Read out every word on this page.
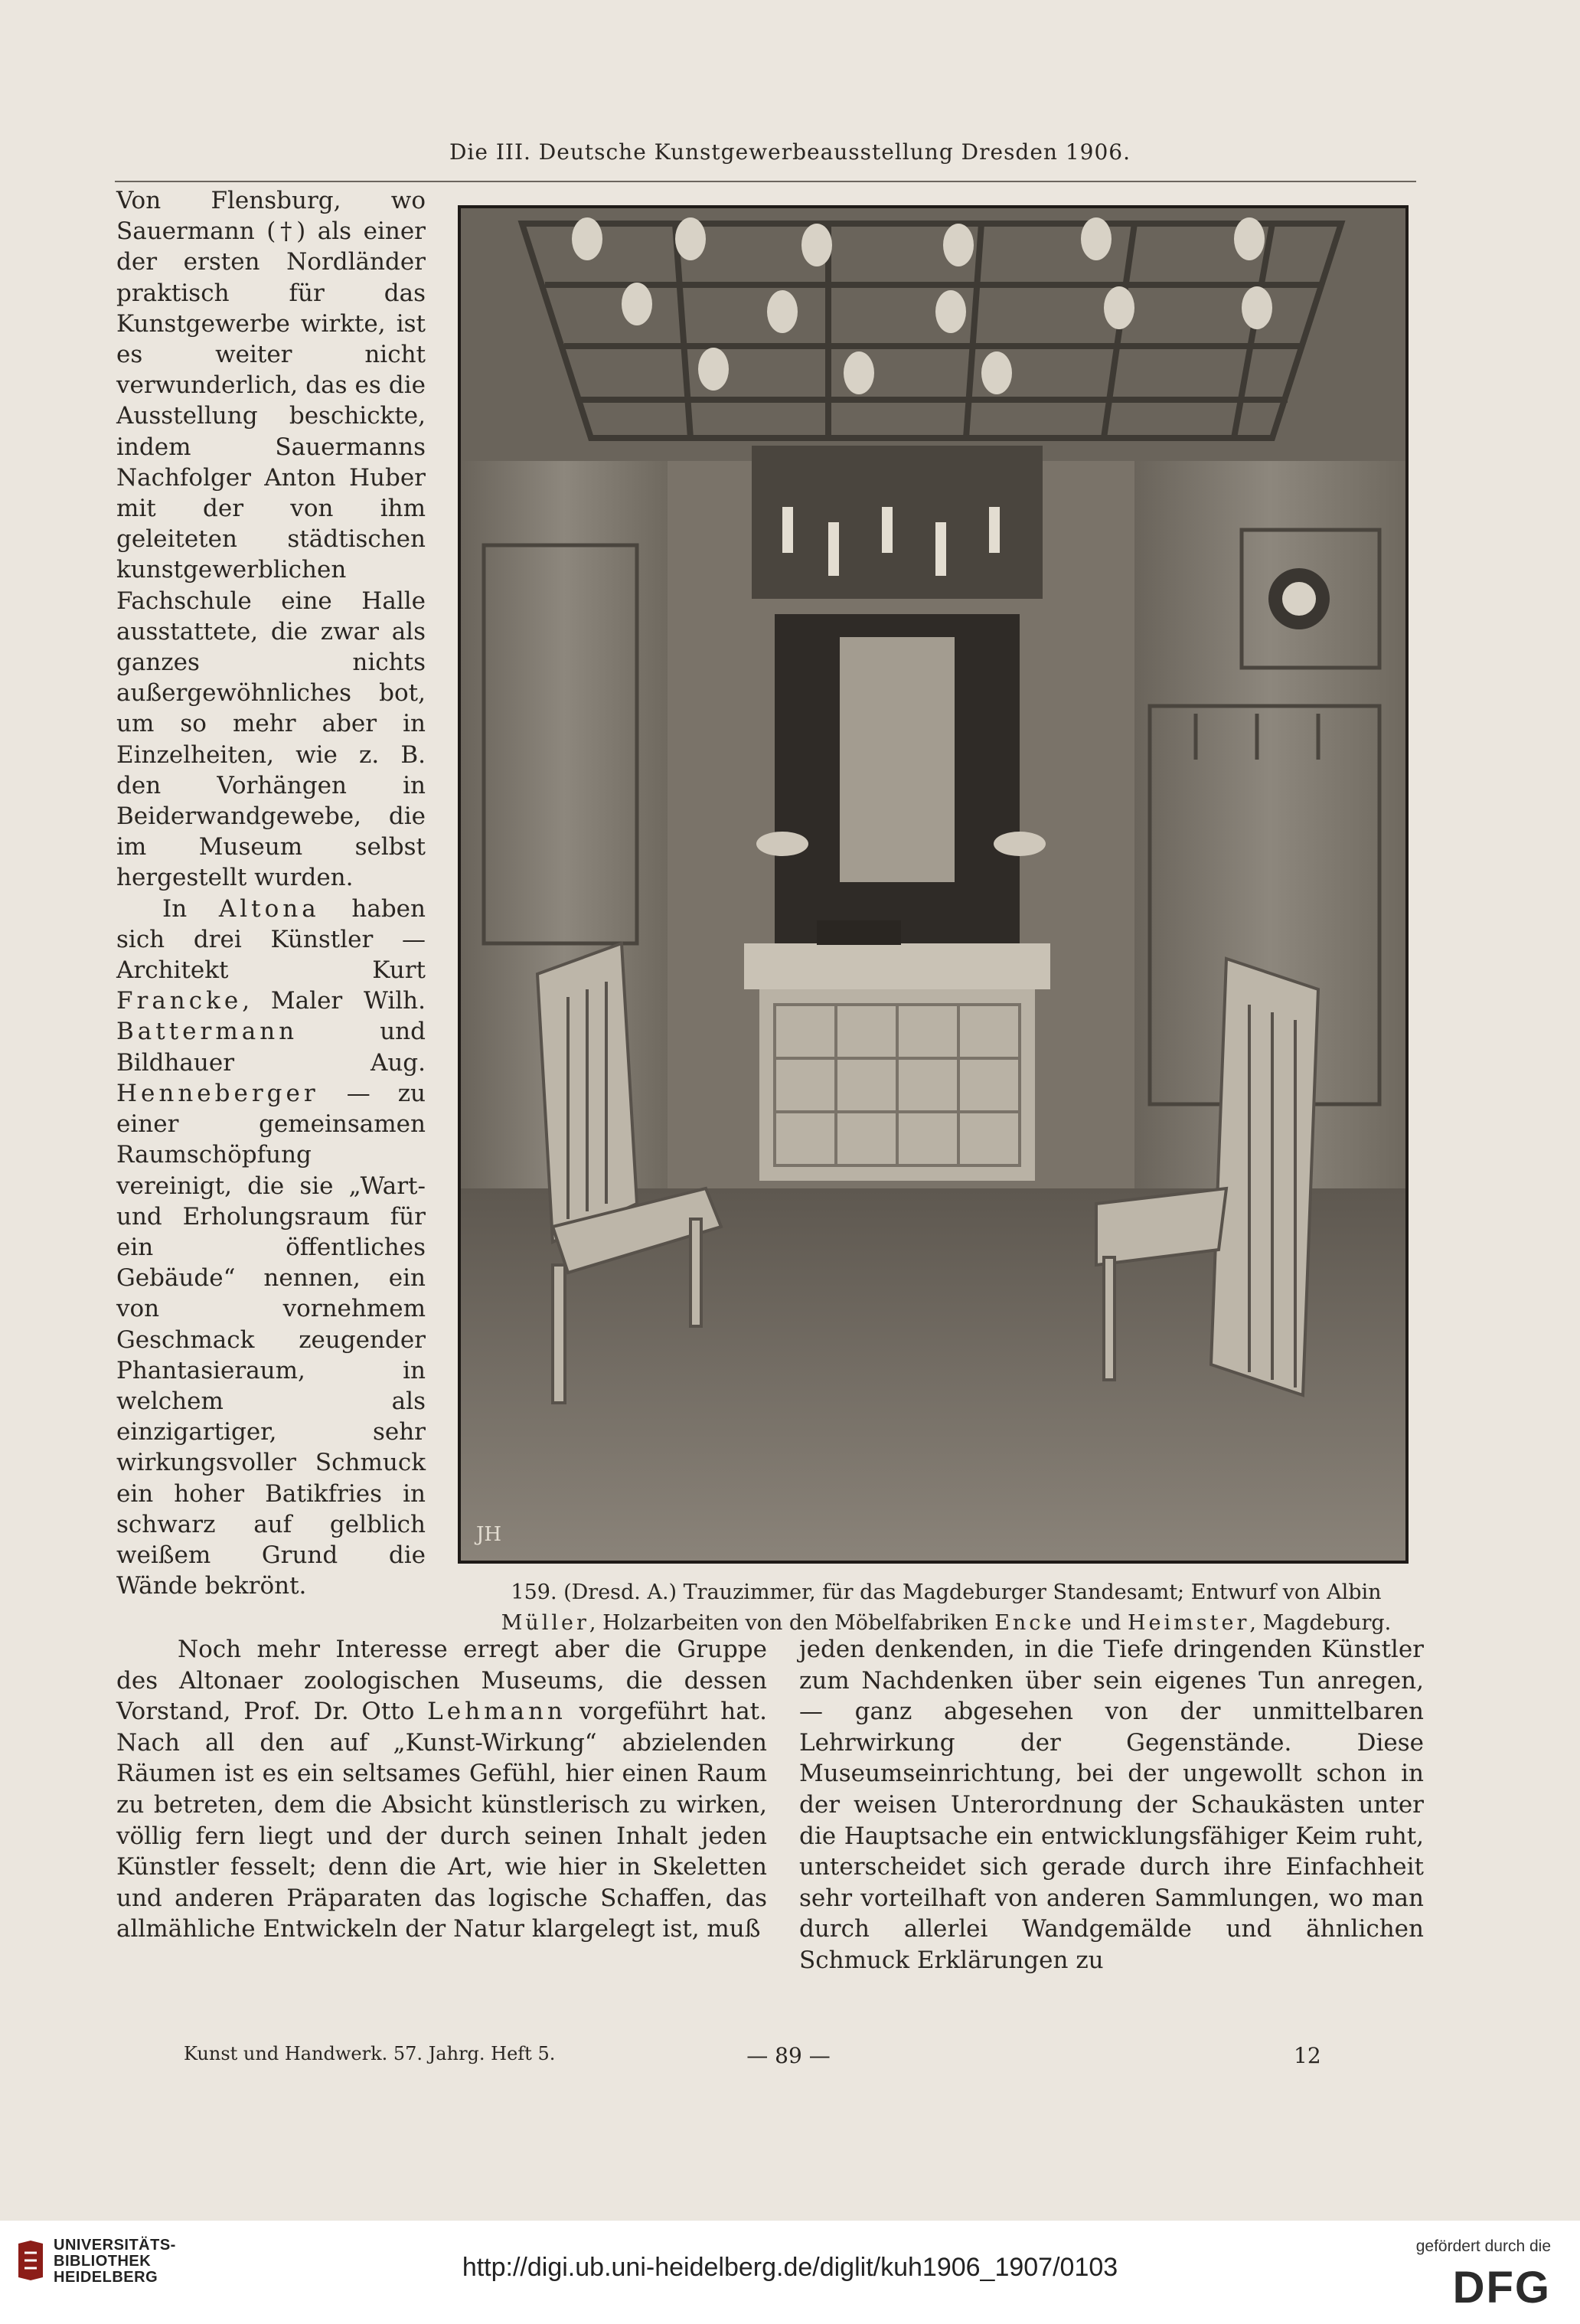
Die III. Deutsche Kunstgewerbeausstellung Dresden 1906.

Von Flensburg, wo Sauermann (†) als einer der ersten Nordländer praktisch für das Kunstgewerbe wirkte, ist es weiter nicht verwunderlich, das es die Ausstellung beschickte, indem Sauermanns Nachfolger Anton Huber mit der von ihm geleiteten städtischen kunstgewerblichen Fachschule eine Halle ausstattete, die zwar als ganzes nichts außergewöhnliches bot, um so mehr aber in Einzelheiten, wie z. B. den Vorhängen in Beiderwandgewebe, die im Museum selbst hergestellt wurden.

In Altona haben sich drei Künstler — Architekt Kurt Francke, Maler Wilh. Battermann und Bildhauer Aug. Henneberger — zu einer gemeinsamen Raumschöpfung vereinigt, die sie „Wart- und Erholungsraum für ein öffentliches Gebäude“ nennen, ein von vornehmem Geschmack zeugender Phantasieraum, in welchem als einzigartiger, sehr wirkungsvoller Schmuck ein hoher Batikfries in schwarz auf gelblich weißem Grund die Wände bekrönt.

JH
159. (Dresd. A.) Trauzimmer, für das Magdeburger Standesamt; Entwurf von Albin
Müller, Holzarbeiten von den Möbelfabriken Encke und Heimster, Magdeburg.

Noch mehr Interesse erregt aber die Gruppe des Altonaer zoologischen Museums, die dessen Vorstand, Prof. Dr. Otto Lehmann vorgeführt hat. Nach all den auf „Kunst-Wirkung“ abzielenden Räumen ist es ein seltsames Gefühl, hier einen Raum zu betreten, dem die Absicht künstlerisch zu wirken, völlig fern liegt und der durch seinen Inhalt jeden Künstler fesselt; denn die Art, wie hier in Skeletten und anderen Präparaten das logische Schaffen, das allmähliche Entwickeln der Natur klargelegt ist, muß

jeden denkenden, in die Tiefe dringenden Künstler zum Nachdenken über sein eigenes Tun anregen, — ganz abgesehen von der unmittelbaren Lehrwirkung der Gegenstände. Diese Museumseinrichtung, bei der ungewollt schon in der weisen Unterordnung der Schaukästen unter die Hauptsache ein entwicklungsfähiger Keim ruht, unterscheidet sich gerade durch ihre Einfachheit sehr vorteilhaft von anderen Sammlungen, wo man durch allerlei Wandgemälde und ähnlichen Schmuck Erklärungen zu

Kunst und Handwerk. 57. Jahrg. Heft 5.	— 89 —	12
UNIVERSITÄTS-
BIBLIOTHEK
HEIDELBERG	http://digi.ub.uni-heidelberg.de/diglit/kuh1906_1907/0103
gefördert durch die
DFG
